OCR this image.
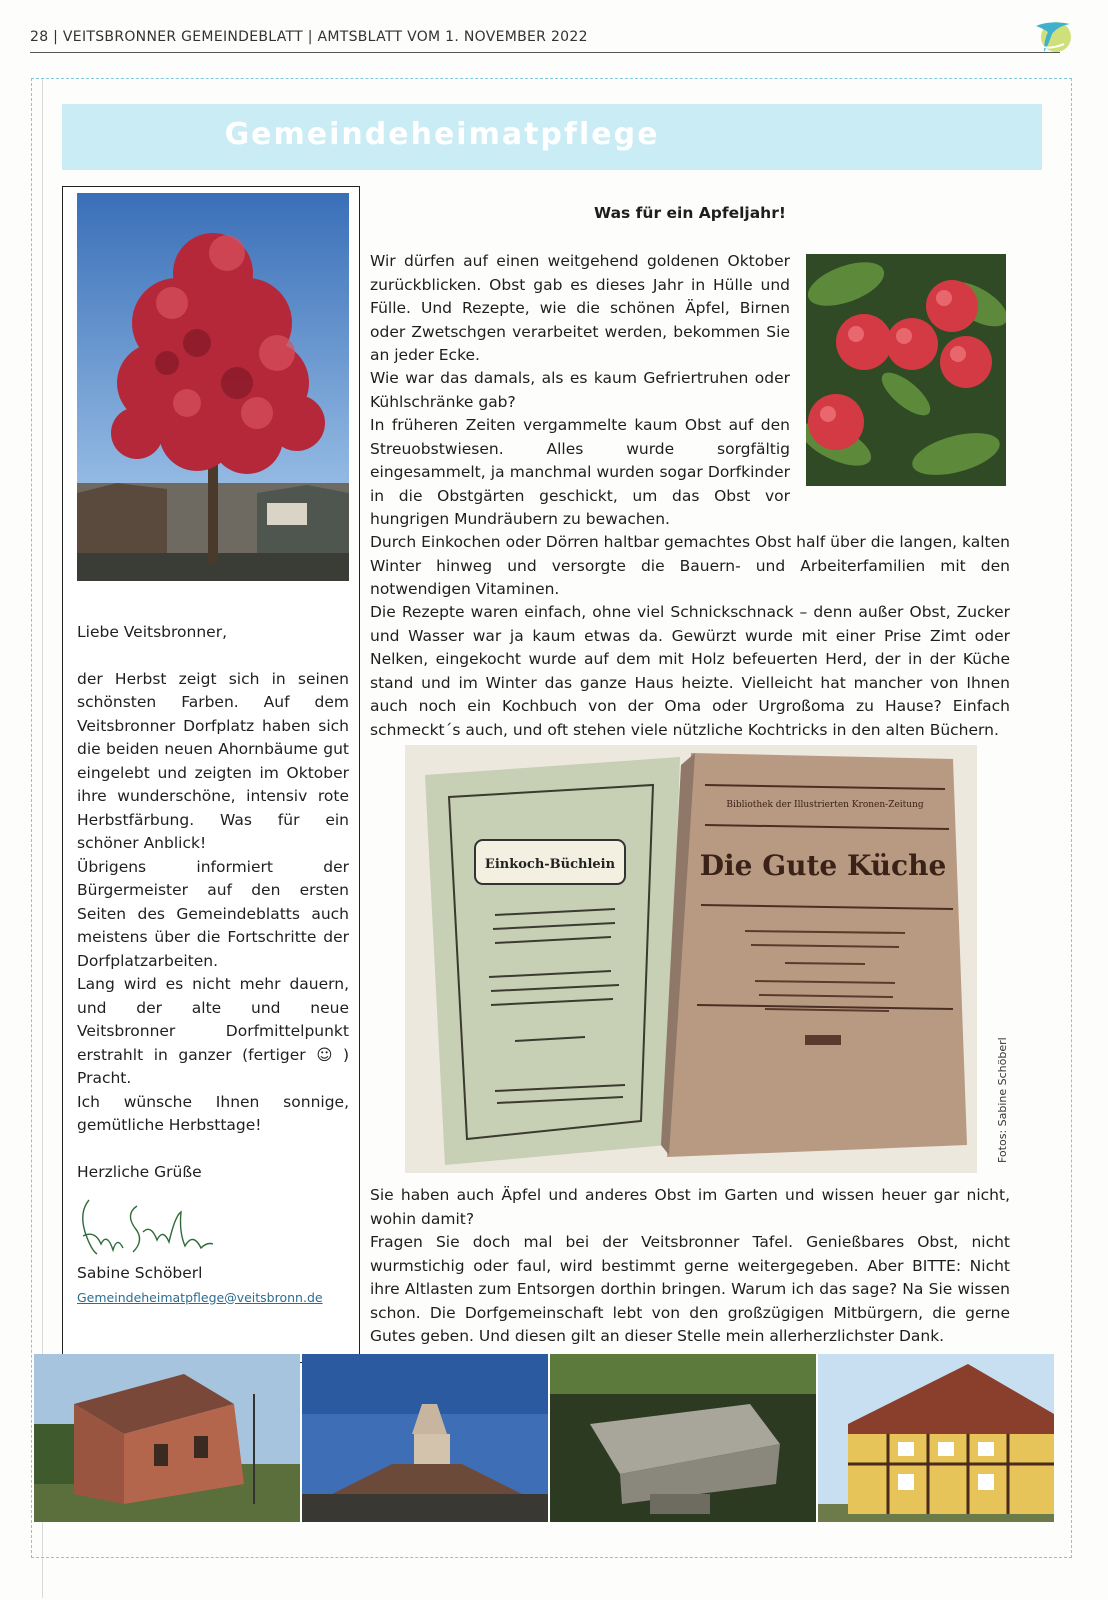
28 | VEITSBRONNER GEMEINDEBLATT | AMTSBLATT VOM 1. NOVEMBER 2022
Gemeindeheimatpflege

Liebe Veitsbronner,

der Herbst zeigt sich in seinen schönsten Farben. Auf dem Veitsbronner Dorfplatz haben sich die beiden neuen Ahornbäume gut eingelebt und zeigten im Oktober ihre wunderschöne, intensiv rote Herbstfärbung. Was für ein schöner Anblick!

Übrigens informiert der Bürgermeister auf den ersten Seiten des Gemeindeblatts auch meistens über die Fortschritte der Dorfplatzarbeiten.

Lang wird es nicht mehr dauern, und der alte und neue Veitsbronner Dorfmittelpunkt erstrahlt in ganzer (fertiger ☺ ) Pracht.

Ich wünsche Ihnen sonnige, gemütliche Herbsttage!

Herzliche Grüße

Sabine Schöberl

Gemeindeheimatpflege@veitsbronn.de
Was für ein Apfeljahr!

Wir dürfen auf einen weitgehend goldenen Oktober zurückblicken. Obst gab es dieses Jahr in Hülle und Fülle. Und Rezepte, wie die schönen Äpfel, Birnen oder Zwetschgen verarbeitet werden, bekommen Sie an jeder Ecke.

Wie war das damals, als es kaum Gefriertruhen oder Kühlschränke gab?

In früheren Zeiten vergammelte kaum Obst auf den Streuobstwiesen. Alles wurde sorgfältig eingesammelt, ja manchmal wurden sogar Dorfkinder in die Obstgärten geschickt, um das Obst vor hungrigen Mundräubern zu bewachen.

Durch Einkochen oder Dörren haltbar gemachtes Obst half über die langen, kalten Winter hinweg und versorgte die Bauern- und Arbeiterfamilien mit den notwendigen Vitaminen.

Die Rezepte waren einfach, ohne viel Schnickschnack – denn außer Obst, Zucker und Wasser war ja kaum etwas da. Gewürzt wurde mit einer Prise Zimt oder Nelken, eingekocht wurde auf dem mit Holz befeuerten Herd, der in der Küche stand und im Winter das ganze Haus heizte. Vielleicht hat mancher von Ihnen auch noch ein Kochbuch von der Oma oder Urgroßoma zu Hause? Einfach schmeckt´s auch, und oft stehen viele nützliche Kochtricks in den alten Büchern.

Einkoch-Büchlein
Bibliothek der Illustrierten Kronen-Zeitung
Die Gute Küche
Fotos: Sabine Schöberl

Sie haben auch Äpfel und anderes Obst im Garten und wissen heuer gar nicht, wohin damit?

Fragen Sie doch mal bei der Veitsbronner Tafel. Genießbares Obst, nicht wurmstichig oder faul, wird bestimmt gerne weitergegeben. Aber BITTE: Nicht ihre Altlasten zum Entsorgen dorthin bringen. Warum ich das sage? Na Sie wissen schon. Die Dorfgemeinschaft lebt von den großzügigen Mitbürgern, die gerne Gutes geben. Und diesen gilt an dieser Stelle mein allerherzlichster Dank.
